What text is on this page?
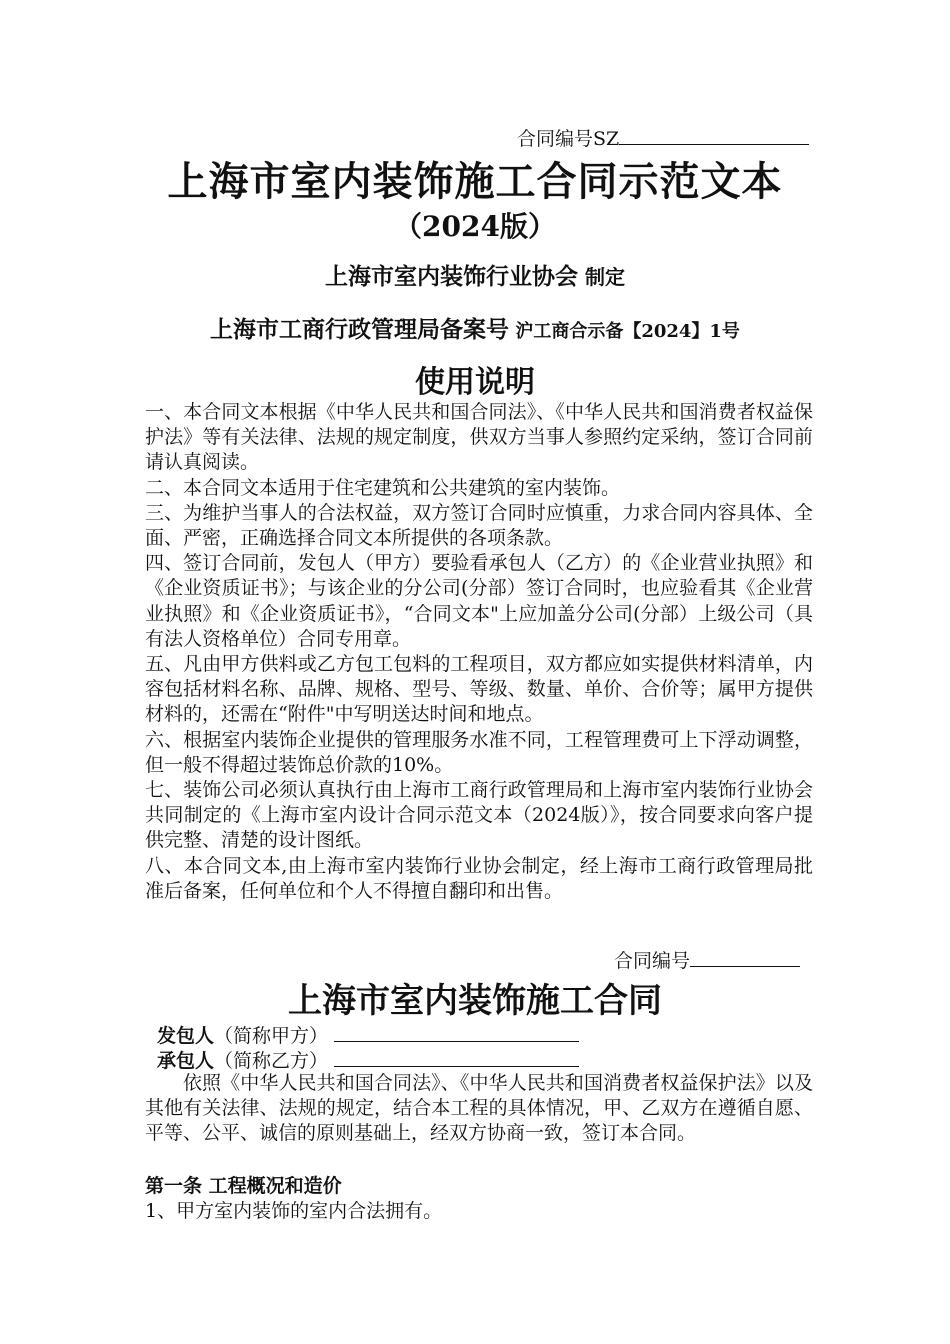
合同编号SZ
上海市室内装饰施工合同示范文本
（2024版）
上海市室内装饰行业协会 制定
上海市工商行政管理局备案号 沪工商合示备【2024】1号
使用说明

一、本合同文本根据《中华人民共和国合同法》、《中华人民共和国消费者权益保护法》等有关法律、法规的规定制度，供双方当事人参照约定采纳，签订合同前请认真阅读。

二、本合同文本适用于住宅建筑和公共建筑的室内装饰。

三、为维护当事人的合法权益，双方签订合同时应慎重，力求合同内容具体、全面、严密，正确选择合同文本所提供的各项条款。

四、签订合同前，发包人（甲方）要验看承包人（乙方）的《企业营业执照》和《企业资质证书》；与该企业的分公司(分部）签订合同时，也应验看其《企业营业执照》和《企业资质证书》，“合同文本"上应加盖分公司(分部）上级公司（具有法人资格单位）合同专用章。

五、凡由甲方供料或乙方包工包料的工程项目，双方都应如实提供材料清单，内容包括材料名称、品牌、规格、型号、等级、数量、单价、合价等；属甲方提供材料的，还需在“附件"中写明送达时间和地点。

六、根据室内装饰企业提供的管理服务水准不同，工程管理费可上下浮动调整，但一般不得超过装饰总价款的10%。

七、装饰公司必须认真执行由上海市工商行政管理局和上海市室内装饰行业协会共同制定的《上海市室内设计合同示范文本（2024版）》，按合同要求向客户提供完整、清楚的设计图纸。

八、本合同文本,由上海市室内装饰行业协会制定，经上海市工商行政管理局批准后备案，任何单位和个人不得擅自翻印和出售。

合同编号
上海市室内装饰施工合同
发包人（简称甲方）
承包人（简称乙方）
依照《中华人民共和国合同法》、《中华人民共和国消费者权益保护法》以及其他有关法律、法规的规定，结合本工程的具体情况，甲、乙双方在遵循自愿、平等、公平、诚信的原则基础上，经双方协商一致，签订本合同。
第一条 工程概况和造价
1、甲方室内装饰的室内合法拥有。
